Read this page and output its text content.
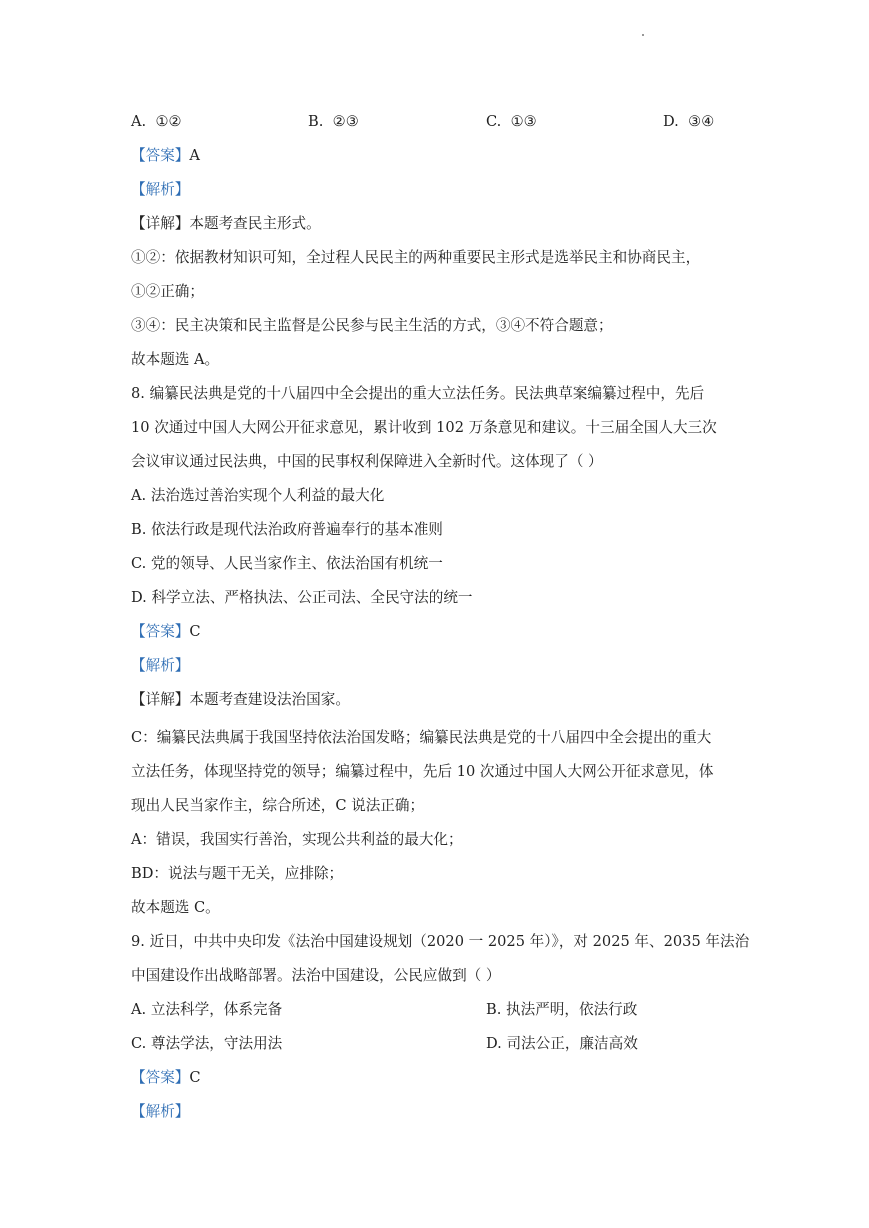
A. ①②	B. ②③	C. ①③	D. ③④
【答案】A
【解析】
【详解】本题考查民主形式。
①②：依据教材知识可知，全过程人民民主的两种重要民主形式是选举民主和协商民主，
①②正确；
③④：民主决策和民主监督是公民参与民主生活的方式，③④不符合题意；
故本题选 A。
8. 编纂民法典是党的十八届四中全会提出的重大立法任务。民法典草案编纂过程中，先后
10 次通过中国人大网公开征求意见，累计收到 102 万条意见和建议。十三届全国人大三次
会议审议通过民法典，中国的民事权利保障进入全新时代。这体现了（ ）
A. 法治选过善治实现个人利益的最大化
B. 依法行政是现代法治政府普遍奉行的基本准则
C. 党的领导、人民当家作主、依法治国有机统一
D. 科学立法、严格执法、公正司法、全民守法的统一
【答案】C
【解析】
【详解】本题考查建设法治国家。
C：编纂民法典属于我国坚持依法治国发略；编纂民法典是党的十八届四中全会提出的重大
立法任务，体现坚持党的领导；编纂过程中，先后 10 次通过中国人大网公开征求意见，体
现出人民当家作主，综合所述，C 说法正确；
A：错误，我国实行善治，实现公共利益的最大化；
BD：说法与题干无关，应排除；
故本题选 C。
9. 近日，中共中央印发《法治中国建设规划（2020 一 2025 年）》，对 2025 年、2035 年法治
中国建设作出战略部署。法治中国建设，公民应做到（ ）
A. 立法科学，体系完备	B. 执法严明，依法行政
C. 尊法学法，守法用法	D. 司法公正，廉洁高效
【答案】C
【解析】
